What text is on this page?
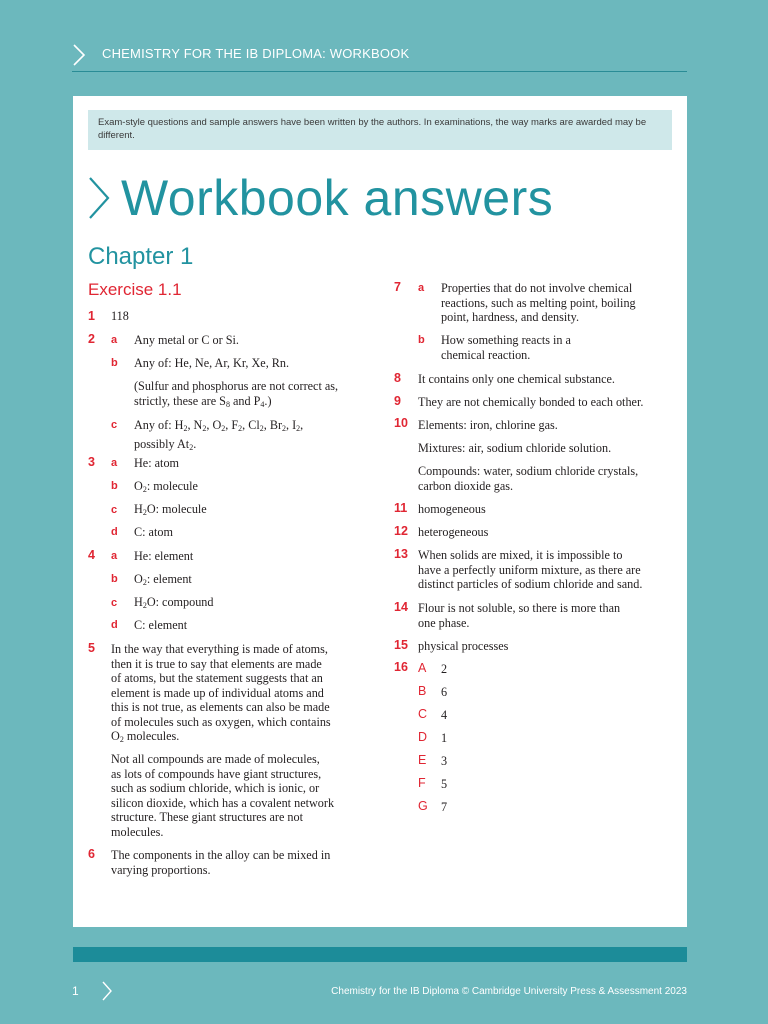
CHEMISTRY FOR THE IB DIPLOMA: WORKBOOK
Exam-style questions and sample answers have been written by the authors. In examinations, the way marks are awarded may be different.
Workbook answers
Chapter 1
Exercise 1.1
1 118
2 a Any metal or C or Si.
b Any of: He, Ne, Ar, Kr, Xe, Rn.
(Sulfur and phosphorus are not correct as,
strictly, these are $S_8$ and $P_4$.)
c Any of: $H_2$, $N_2$, $O_2$, $F_2$, $Cl_2$, $Br_2$, $I_2$,
possibly $At_2$.
3 a He: atom
b $O_2$: molecule
c $H_2O$: molecule
d C: atom
4 a He: element
b $O_2$: element
c $H_2O$: compound
d C: element
5 In the way that everything is made of atoms,
then it is true to say that elements are made
of atoms, but the statement suggests that an
element is made up of individual atoms and
this is not true, as elements can also be made
of molecules such as oxygen, which contains
$O_2$ molecules.
Not all compounds are made of molecules,
as lots of compounds have giant structures,
such as sodium chloride, which is ionic, or
silicon dioxide, which has a covalent network
structure. These giant structures are not
molecules.
6 The components in the alloy can be mixed in
varying proportions.
7 a Properties that do not involve chemical
reactions, such as melting point, boiling
point, hardness, and density.
b How something reacts in a
chemical reaction.
8 It contains only one chemical substance.
9 They are not chemically bonded to each other.
10 Elements: iron, chlorine gas.
Mixtures: air, sodium chloride solution.
Compounds: water, sodium chloride crystals,
carbon dioxide gas.
11 homogeneous
12 heterogeneous
13 When solids are mixed, it is impossible to
have a perfectly uniform mixture, as there are
distinct particles of sodium chloride and sand.
14 Flour is not soluble, so there is more than
one phase.
15 physical processes
16 A 2
B 6
C 4
D 1
E 3
F 5
G 7
1	Chemistry for the IB Diploma © Cambridge University Press & Assessment 2023
